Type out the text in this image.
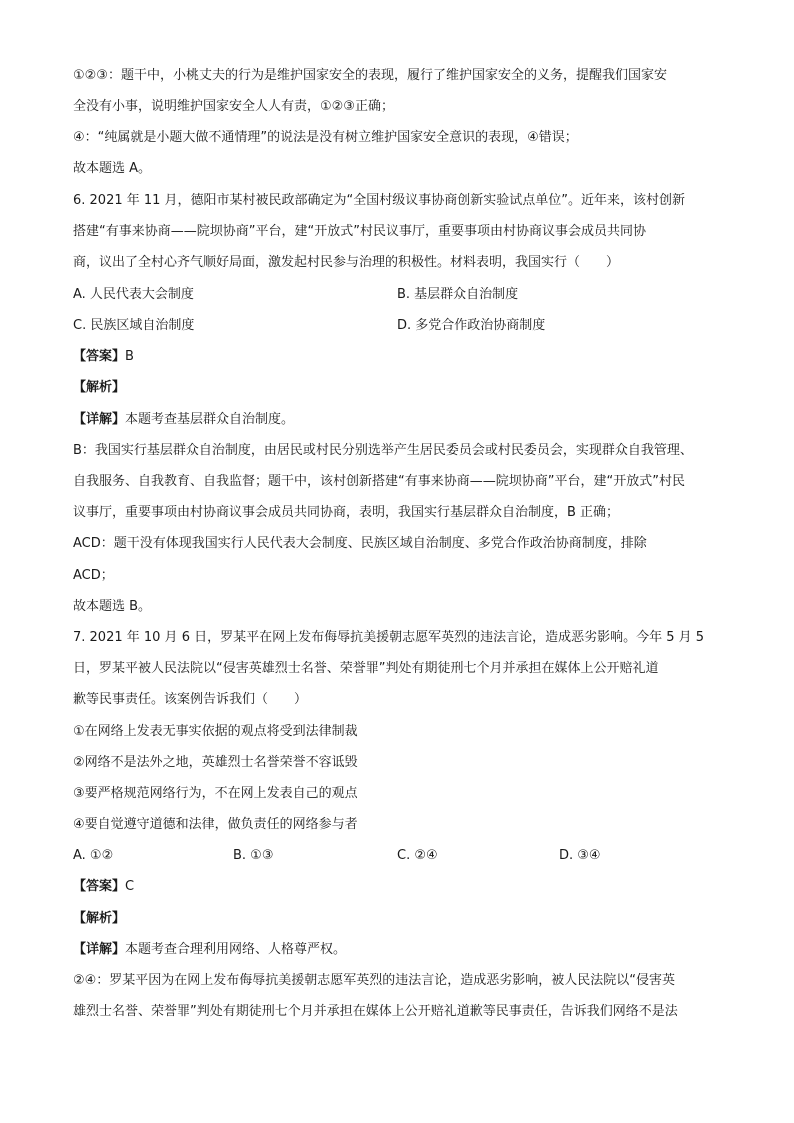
①②③：题干中，小桃丈夫的行为是维护国家安全的表现，履行了维护国家安全的义务，提醒我们国家安
全没有小事，说明维护国家安全人人有责，①②③正确；
④：“纯属就是小题大做不通情理”的说法是没有树立维护国家安全意识的表现，④错误；
故本题选 A。
6. 2021 年 11 月，德阳市某村被民政部确定为“全国村级议事协商创新实验试点单位”。近年来，该村创新
搭建“有事来协商——院坝协商”平台，建“开放式”村民议事厅，重要事项由村协商议事会成员共同协
商，议出了全村心齐气顺好局面，激发起村民参与治理的积极性。材料表明，我国实行（　　）
A. 人民代表大会制度	B. 基层群众自治制度
C. 民族区域自治制度	D. 多党合作政治协商制度
【答案】B
【解析】
【详解】本题考查基层群众自治制度。
B：我国实行基层群众自治制度，由居民或村民分别选举产生居民委员会或村民委员会，实现群众自我管理、
自我服务、自我教育、自我监督；题干中，该村创新搭建“有事来协商——院坝协商”平台，建“开放式”村民
议事厅，重要事项由村协商议事会成员共同协商，表明，我国实行基层群众自治制度，B 正确；
ACD：题干没有体现我国实行人民代表大会制度、民族区域自治制度、多党合作政治协商制度，排除
ACD；
故本题选 B。
7. 2021 年 10 月 6 日，罗某平在网上发布侮辱抗美援朝志愿军英烈的违法言论，造成恶劣影响。今年 5 月 5
日，罗某平被人民法院以“侵害英雄烈士名誉、荣誉罪”判处有期徒刑七个月并承担在媒体上公开赔礼道
歉等民事责任。该案例告诉我们（　　）
①在网络上发表无事实依据的观点将受到法律制裁
②网络不是法外之地，英雄烈士名誉荣誉不容诋毁
③要严格规范网络行为，不在网上发表自己的观点
④要自觉遵守道德和法律，做负责任的网络参与者
A. ①②	B. ①③	C. ②④	D. ③④
【答案】C
【解析】
【详解】本题考查合理利用网络、人格尊严权。
②④：罗某平因为在网上发布侮辱抗美援朝志愿军英烈的违法言论，造成恶劣影响，被人民法院以“侵害英
雄烈士名誉、荣誉罪”判处有期徒刑七个月并承担在媒体上公开赔礼道歉等民事责任，告诉我们网络不是法
